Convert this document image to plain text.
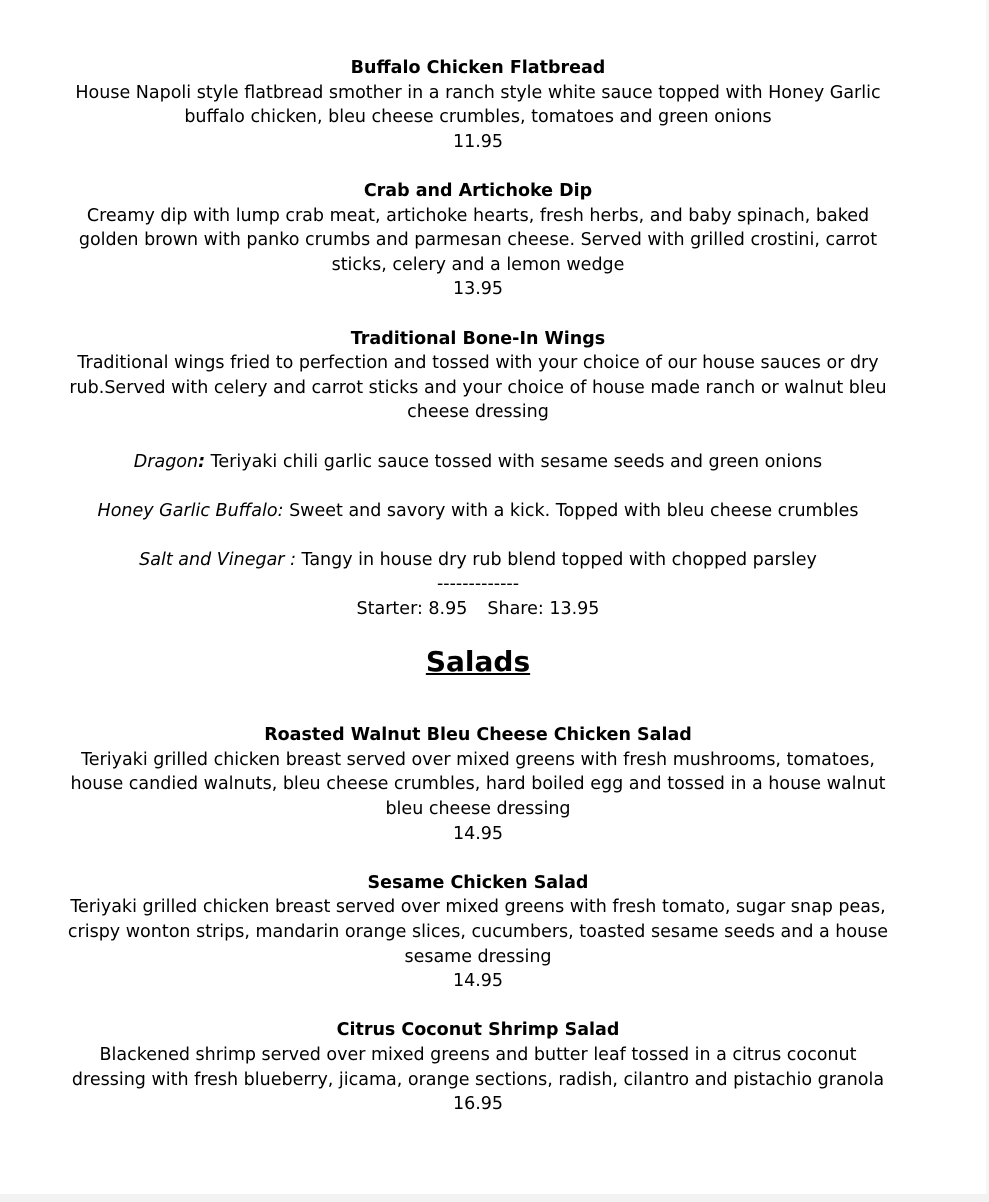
Buffalo Chicken Flatbread
House Napoli style flatbread smother in a ranch style white sauce topped with Honey Garlic buffalo chicken, bleu cheese crumbles, tomatoes and green onions
11.95
Crab and Artichoke Dip
Creamy dip with lump crab meat, artichoke hearts, fresh herbs, and baby spinach, baked golden brown with panko crumbs and parmesan cheese. Served with grilled crostini, carrot sticks, celery and a lemon wedge
13.95
Traditional Bone-In Wings
Traditional wings fried to perfection and tossed with your choice of our house sauces or dry rub.Served with celery and carrot sticks and your choice of house made ranch or walnut bleu cheese dressing
Dragon: Teriyaki chili garlic sauce tossed with sesame seeds and green onions
Honey Garlic Buffalo: Sweet and savory with a kick. Topped with bleu cheese crumbles
Salt and Vinegar : Tangy in house dry rub blend topped with chopped parsley
-------------
Starter: 8.95 Share: 13.95
Salads
Roasted Walnut Bleu Cheese Chicken Salad
Teriyaki grilled chicken breast served over mixed greens with fresh mushrooms, tomatoes, house candied walnuts, bleu cheese crumbles, hard boiled egg and tossed in a house walnut bleu cheese dressing
14.95
Sesame Chicken Salad
Teriyaki grilled chicken breast served over mixed greens with fresh tomato, sugar snap peas, crispy wonton strips, mandarin orange slices, cucumbers, toasted sesame seeds and a house sesame dressing
14.95
Citrus Coconut Shrimp Salad
Blackened shrimp served over mixed greens and butter leaf tossed in a citrus coconut dressing with fresh blueberry, jicama, orange sections, radish, cilantro and pistachio granola
16.95
